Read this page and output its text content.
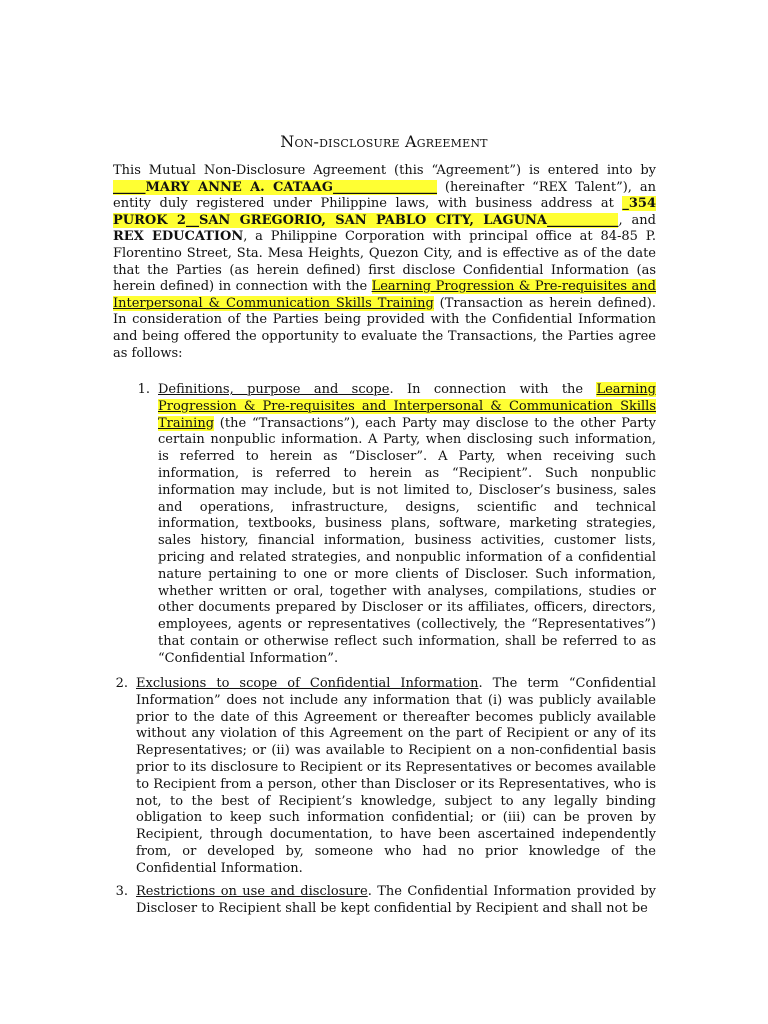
Non-disclosure Agreement
This Mutual Non-Disclosure Agreement (this “Agreement”) is entered into by _____MARY ANNE A. CATAAG________________ (hereinafter “REX Talent”), an entity duly registered under Philippine laws, with business address at _354 PUROK 2__SAN GREGORIO, SAN PABLO CITY, LAGUNA___________, and REX EDUCATION, a Philippine Corporation with principal office at 84-85 P. Florentino Street, Sta. Mesa Heights, Quezon City, and is effective as of the date that the Parties (as herein defined) first disclose Confidential Information (as herein defined) in connection with the Learning Progression & Pre-requisites and Interpersonal & Communication Skills Training (Transaction as herein defined). In consideration of the Parties being provided with the Confidential Information and being offered the opportunity to evaluate the Transactions, the Parties agree as follows:
1. Definitions, purpose and scope. In connection with the Learning Progression & Pre-requisites and Interpersonal & Communication Skills Training (the “Transactions”), each Party may disclose to the other Party certain nonpublic information. A Party, when disclosing such information, is referred to herein as “Discloser”. A Party, when receiving such information, is referred to herein as “Recipient”. Such nonpublic information may include, but is not limited to, Discloser’s business, sales and operations, infrastructure, designs, scientific and technical information, textbooks, business plans, software, marketing strategies, sales history, financial information, business activities, customer lists, pricing and related strategies, and nonpublic information of a confidential nature pertaining to one or more clients of Discloser. Such information, whether written or oral, together with analyses, compilations, studies or other documents prepared by Discloser or its affiliates, officers, directors, employees, agents or representatives (collectively, the “Representatives”) that contain or otherwise reflect such information, shall be referred to as “Confidential Information”.
2. Exclusions to scope of Confidential Information. The term “Confidential Information” does not include any information that (i) was publicly available prior to the date of this Agreement or thereafter becomes publicly available without any violation of this Agreement on the part of Recipient or any of its Representatives; or (ii) was available to Recipient on a non-confidential basis prior to its disclosure to Recipient or its Representatives or becomes available to Recipient from a person, other than Discloser or its Representatives, who is not, to the best of Recipient’s knowledge, subject to any legally binding obligation to keep such information confidential; or (iii) can be proven by Recipient, through documentation, to have been ascertained independently from, or developed by, someone who had no prior knowledge of the Confidential Information.
3. Restrictions on use and disclosure. The Confidential Information provided by Discloser to Recipient shall be kept confidential by Recipient and shall not be
